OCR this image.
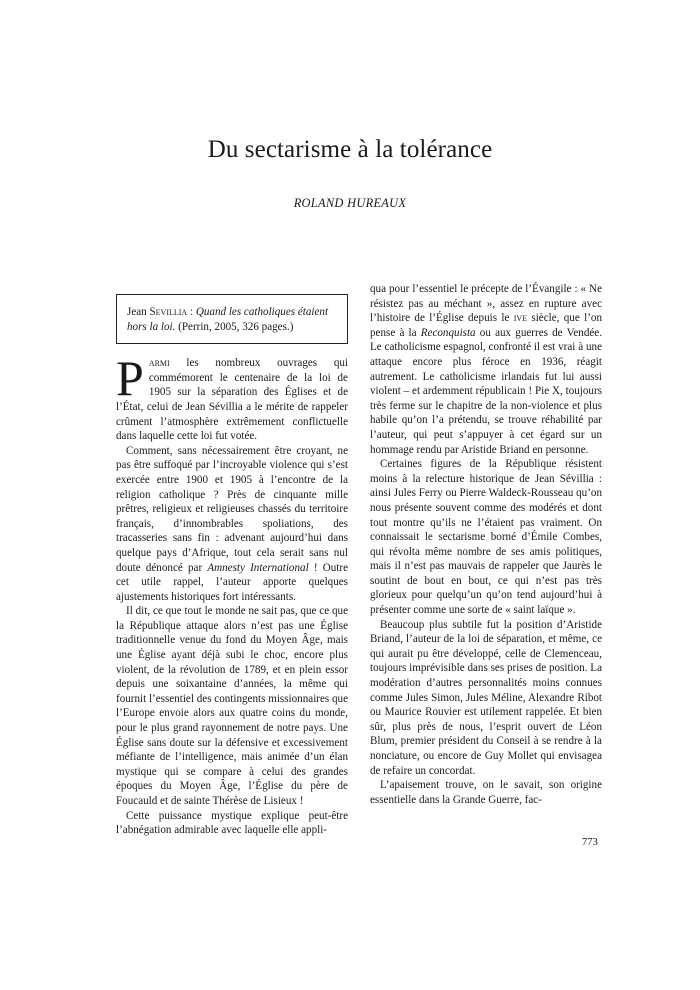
Du sectarisme à la tolérance

ROLAND HUREAUX

Jean Sevillia : Quand les catholiques étaient hors la loi. (Perrin, 2005, 326 pages.)

Parmi les nombreux ouvrages qui commémorent le centenaire de la loi de 1905 sur la séparation des Églises et de l’État, celui de Jean Sévillia a le mérite de rappeler crûment l’atmosphère extrêmement conflictuelle dans laquelle cette loi fut votée.

Comment, sans nécessairement être croyant, ne pas être suffoqué par l’incroyable violence qui s’est exercée entre 1900 et 1905 à l’encontre de la religion catholique ? Près de cinquante mille prêtres, religieux et religieuses chassés du territoire français, d’innombrables spoliations, des tracasseries sans fin : advenant aujourd’hui dans quelque pays d’Afrique, tout cela serait sans nul doute dénoncé par Amnesty International ! Outre cet utile rappel, l’auteur apporte quelques ajustements historiques fort intéressants.

Il dit, ce que tout le monde ne sait pas, que ce que la République attaque alors n’est pas une Église traditionnelle venue du fond du Moyen Âge, mais une Église ayant déjà subi le choc, encore plus violent, de la révolution de 1789, et en plein essor depuis une soixantaine d’années, la même qui fournit l’essentiel des contingents missionnaires que l’Europe envoie alors aux quatre coins du monde, pour le plus grand rayonnement de notre pays. Une Église sans doute sur la défensive et excessivement méfiante de l’intelligence, mais animée d’un élan mystique qui se compare à celui des grandes époques du Moyen Âge, l’Église du père de Foucauld et de sainte Thérèse de Lisieux !

Cette puissance mystique explique peut-être l’abnégation admirable avec laquelle elle appli-

qua pour l’essentiel le précepte de l’Évangile : « Ne résistez pas au méchant », assez en rupture avec l’histoire de l’Église depuis le ive siècle, que l’on pense à la Reconquista ou aux guerres de Vendée. Le catholicisme espagnol, confronté il est vrai à une attaque encore plus féroce en 1936, réagit autrement. Le catholicisme irlandais fut lui aussi violent – et ardemment républicain ! Pie X, toujours très ferme sur le chapitre de la non-violence et plus habile qu’on l’a prétendu, se trouve réhabilité par l’auteur, qui peut s’appuyer à cet égard sur un hommage rendu par Aristide Briand en personne.

Certaines figures de la République résistent moins à la relecture historique de Jean Sévillia : ainsi Jules Ferry ou Pierre Waldeck-Rousseau qu’on nous présente souvent comme des modérés et dont tout montre qu’ils ne l’étaient pas vraiment. On connaissait le sectarisme borné d’Émile Combes, qui révolta même nombre de ses amis politiques, mais il n’est pas mauvais de rappeler que Jaurès le soutint de bout en bout, ce qui n’est pas très glorieux pour quelqu’un qu’on tend aujourd’hui à présenter comme une sorte de « saint laïque ».

Beaucoup plus subtile fut la position d’Aristide Briand, l’auteur de la loi de séparation, et même, ce qui aurait pu être développé, celle de Clemenceau, toujours imprévisible dans ses prises de position. La modération d’autres personnalités moins connues comme Jules Simon, Jules Méline, Alexandre Ribot ou Maurice Rouvier est utilement rappelée. Et bien sûr, plus près de nous, l’esprit ouvert de Léon Blum, premier président du Conseil à se rendre à la nonciature, ou encore de Guy Mollet qui envisagea de refaire un concordat.

L’apaisement trouve, on le savait, son origine essentielle dans la Grande Guerre, fac-

773
